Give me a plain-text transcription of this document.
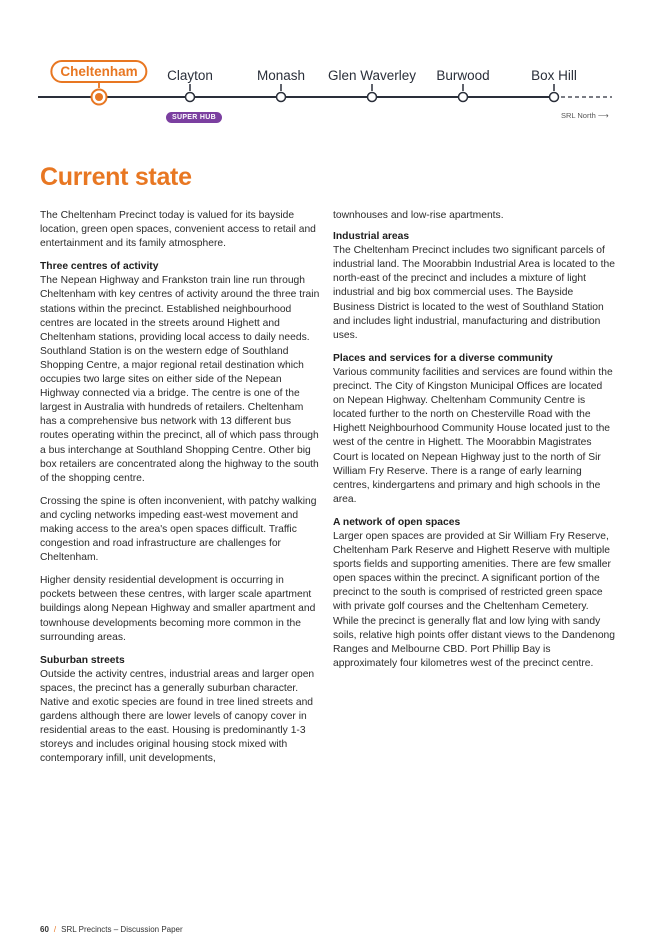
Cheltenham	Clayton	Monash Glen Waverley Burwood	Box Hill
SUPER HUB	SRL North ⟶
Current state

The Cheltenham Precinct today is valued for its bayside location, green open spaces, convenient access to retail and entertainment and its family atmosphere.

Three centres of activity

The Nepean Highway and Frankston train line run through Cheltenham with key centres of activity around the three train stations within the precinct. Established neighbourhood centres are located in the streets around Highett and Cheltenham stations, providing local access to daily needs. Southland Station is on the western edge of Southland Shopping Centre, a major regional retail destination which occupies two large sites on either side of the Nepean Highway connected via a bridge. The centre is one of the largest in Australia with hundreds of retailers. Cheltenham has a comprehensive bus network with 13 different bus routes operating within the precinct, all of which pass through a bus interchange at Southland Shopping Centre. Other big box retailers are concentrated along the highway to the south of the shopping centre.

Crossing the spine is often inconvenient, with patchy walking and cycling networks impeding east-west movement and making access to the area's open spaces difficult. Traffic congestion and road infrastructure are challenges for Cheltenham.

Higher density residential development is occurring in pockets between these centres, with larger scale apartment buildings along Nepean Highway and smaller apartment and townhouse developments becoming more common in the surrounding areas.

Suburban streets

Outside the activity centres, industrial areas and larger open spaces, the precinct has a generally suburban character. Native and exotic species are found in tree lined streets and gardens although there are lower levels of canopy cover in residential areas to the east. Housing is predominantly 1-3 storeys and includes original housing stock mixed with contemporary infill, unit developments,

townhouses and low-rise apartments.

Industrial areas

The Cheltenham Precinct includes two significant parcels of industrial land. The Moorabbin Industrial Area is located to the north-east of the precinct and includes a mixture of light industrial and big box commercial uses. The Bayside Business District is located to the west of Southland Station and includes light industrial, manufacturing and distribution uses.

Places and services for a diverse community

Various community facilities and services are found within the precinct. The City of Kingston Municipal Offices are located on Nepean Highway. Cheltenham Community Centre is located further to the north on Chesterville Road with the Highett Neighbourhood Community House located just to the west of the centre in Highett. The Moorabbin Magistrates Court is located on Nepean Highway just to the north of Sir William Fry Reserve. There is a range of early learning centres, kindergartens and primary and high schools in the area.

A network of open spaces

Larger open spaces are provided at Sir William Fry Reserve, Cheltenham Park Reserve and Highett Reserve with multiple sports fields and supporting amenities. There are few smaller open spaces within the precinct. A significant portion of the precinct to the south is comprised of restricted green space with private golf courses and the Cheltenham Cemetery. While the precinct is generally flat and low lying with sandy soils, relative high points offer distant views to the Dandenong Ranges and Melbourne CBD. Port Phillip Bay is approximately four kilometres west of the precinct centre.

60 / SRL Precincts – Discussion Paper
